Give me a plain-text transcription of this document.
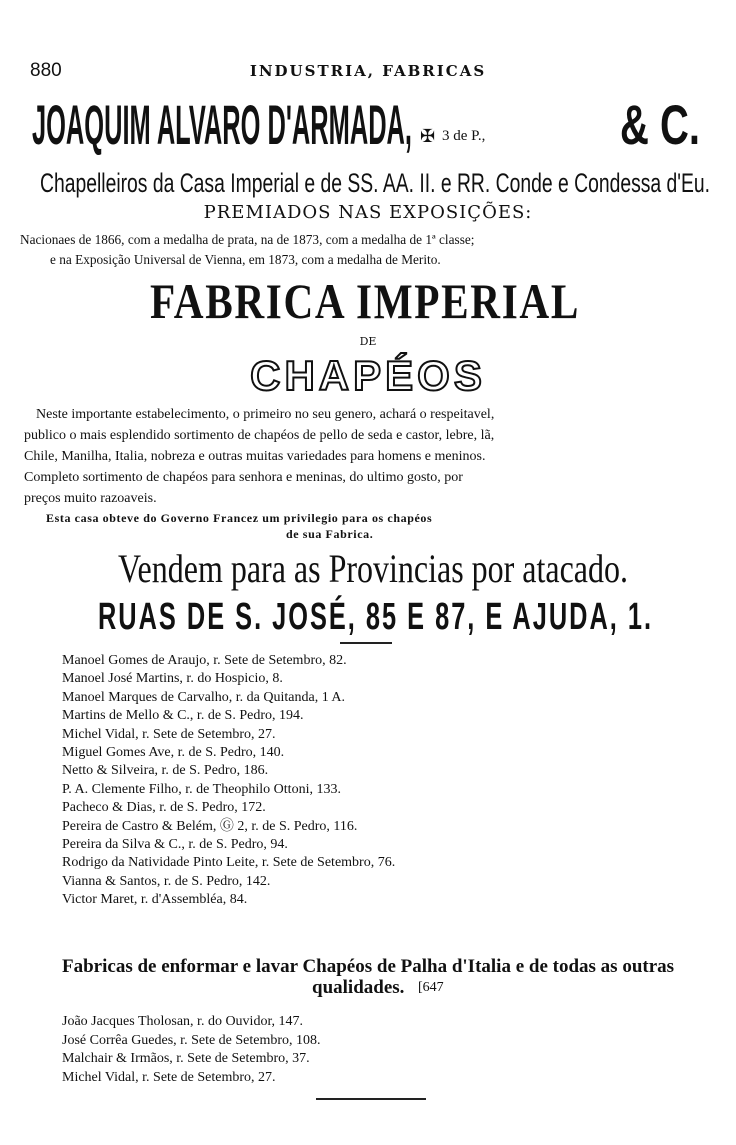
880	INDUSTRIA, FABRICAS
JOAQUIM ALVARO D'ARMADA, ✠ 3 de P., & C.
Chapelleiros da Casa Imperial e de SS. AA. II. e RR. Conde e Condessa d'Eu.
PREMIADOS NAS EXPOSIÇÕES:
Nacionaes de 1866, com a medalha de prata, na de 1873, com a medalha de 1ª classe;
e na Exposição Universal de Vienna, em 1873, com a medalha de Merito.
FABRICA IMPERIAL
DE
CHAPÉOS
Neste importante estabelecimento, o primeiro no seu genero, achará o respeitavel,
publico o mais esplendido sortimento de chapéos de pello de seda e castor, lebre, lã,
Chile, Manilha, Italia, nobreza e outras muitas variedades para homens e meninos.
Completo sortimento de chapéos para senhora e meninas, do ultimo gosto, por
preços muito razoaveis.
Esta casa obteve do Governo Francez um privilegio para os chapéos
de sua Fabrica.
Vendem para as Provincias por atacado.
RUAS DE S. JOSÉ, 85 E 87, E AJUDA, 1.
Manoel Gomes de Araujo, r. Sete de Setembro, 82.
Manoel José Martins, r. do Hospicio, 8.
Manoel Marques de Carvalho, r. da Quitanda, 1 A.
Martins de Mello & C., r. de S. Pedro, 194.
Michel Vidal, r. Sete de Setembro, 27.
Miguel Gomes Ave, r. de S. Pedro, 140.
Netto & Silveira, r. de S. Pedro, 186.
P. A. Clemente Filho, r. de Theophilo Ottoni, 133.
Pacheco & Dias, r. de S. Pedro, 172.
Pereira de Castro & Belém, Ⓖ 2, r. de S. Pedro, 116.
Pereira da Silva & C., r. de S. Pedro, 94.
Rodrigo da Natividade Pinto Leite, r. Sete de Setembro, 76.
Vianna & Santos, r. de S. Pedro, 142.
Victor Maret, r. d'Assembléa, 84.
Fabricas de enformar e lavar Chapéos de Palha d'Italia e de todas as outras
qualidades. [647
João Jacques Tholosan, r. do Ouvidor, 147.
José Corrêa Guedes, r. Sete de Setembro, 108.
Malchair & Irmãos, r. Sete de Setembro, 37.
Michel Vidal, r. Sete de Setembro, 27.
